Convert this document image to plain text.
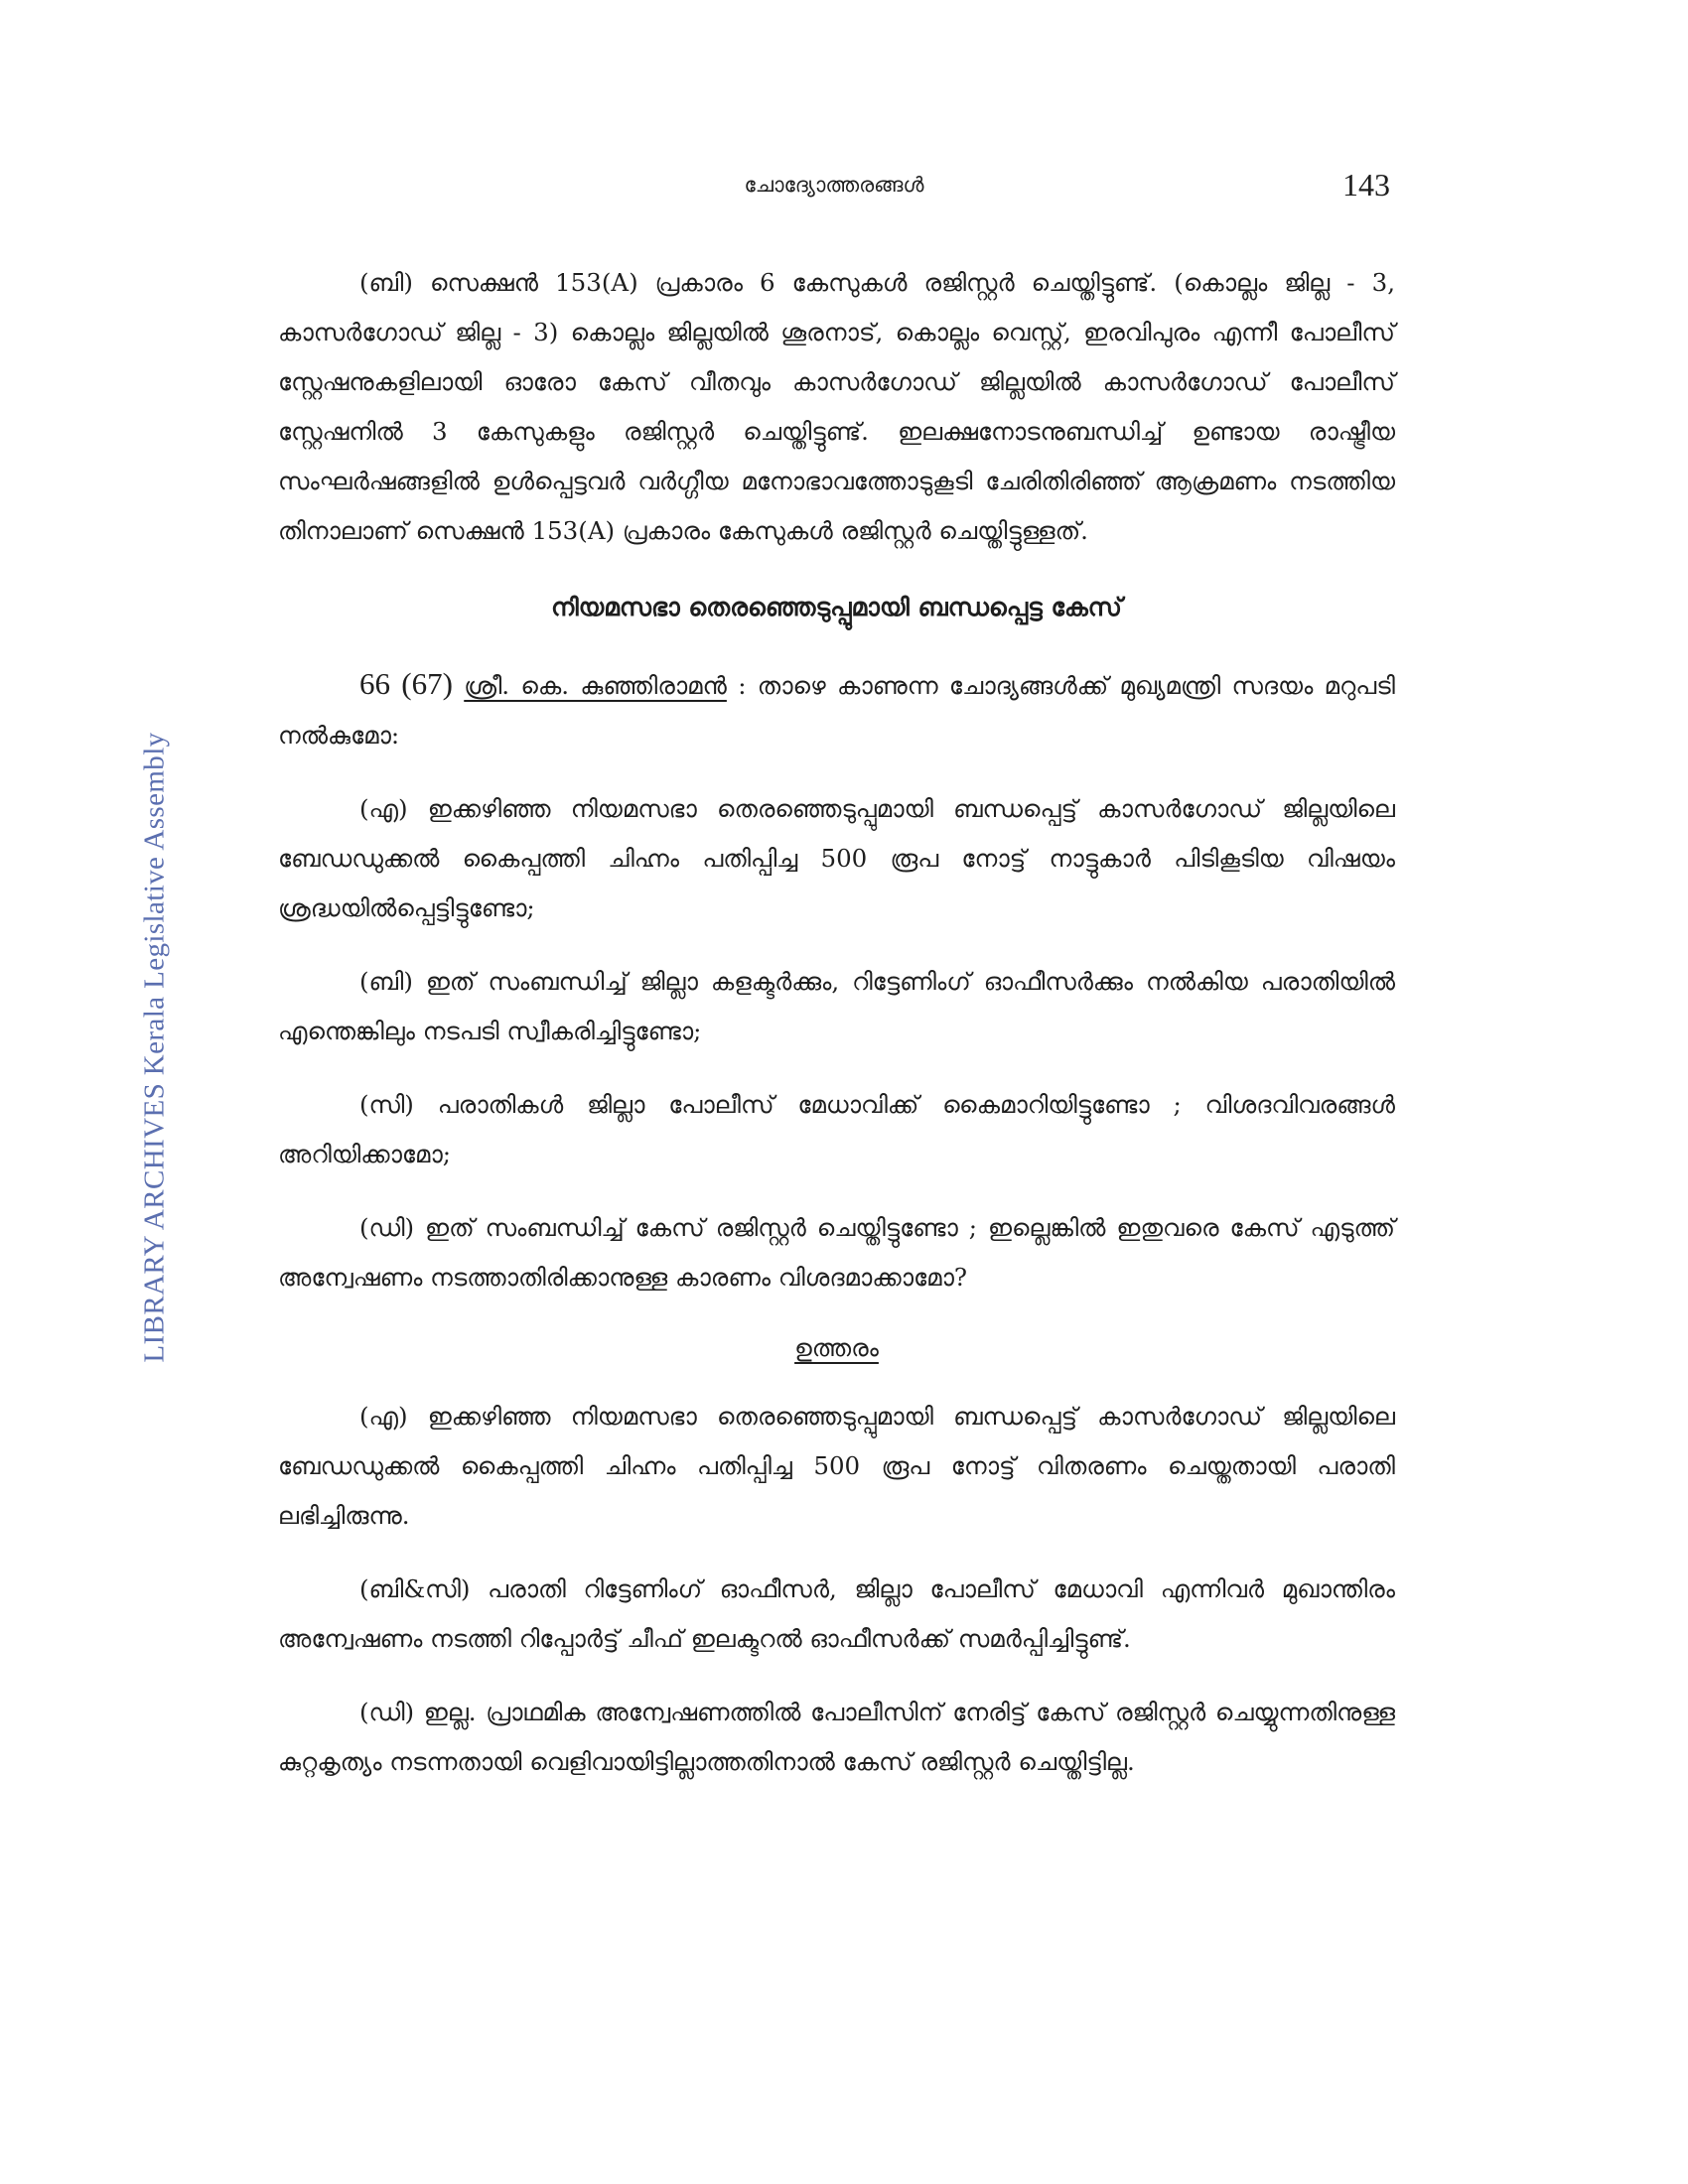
ചോദ്യോത്തരങ്ങൾ	143
LIBRARY ARCHIVES Kerala Legislative Assembly

(ബി) സെക്ഷൻ 153(A) പ്രകാരം 6 കേസുകൾ രജിസ്റ്റർ ചെയ്തിട്ടുണ്ട്. (കൊല്ലം ജില്ല - 3, കാസർഗോഡ് ജില്ല - 3) കൊല്ലം ജില്ലയിൽ ശൂരനാട്, കൊല്ലം വെസ്റ്റ്, ഇരവിപുരം എന്നീ പോലീസ് സ്റ്റേഷനുകളിലായി ഓരോ കേസ് വീതവും കാസർഗോഡ് ജില്ലയിൽ കാസർഗോഡ് പോലീസ് സ്റ്റേഷനിൽ 3 കേസുകളും രജിസ്റ്റർ ചെയ്തിട്ടുണ്ട്. ഇലക്ഷനോടനുബന്ധിച്ച് ഉണ്ടായ രാഷ്ട്രീയ സംഘർഷങ്ങളിൽ ഉൾപ്പെട്ടവർ വർഗ്ഗീയ മനോഭാവത്തോടുകൂടി ചേരിതിരിഞ്ഞ് ആക്രമണം നടത്തിയ തിനാലാണ് സെക്ഷൻ 153(A) പ്രകാരം കേസുകൾ രജിസ്റ്റർ ചെയ്തിട്ടുള്ളത്.

നിയമസഭാ തെരഞ്ഞെടുപ്പുമായി ബന്ധപ്പെട്ട കേസ്

66 (67) ശ്രീ. കെ. കുഞ്ഞിരാമൻ : താഴെ കാണുന്ന ചോദ്യങ്ങൾക്ക് മുഖ്യമന്ത്രി സദയം മറുപടി നൽകുമോ:

(എ) ഇക്കഴിഞ്ഞ നിയമസഭാ തെരഞ്ഞെടുപ്പുമായി ബന്ധപ്പെട്ട് കാസർഗോഡ് ജില്ലയിലെ ബേഡഡുക്കൽ കൈപ്പത്തി ചിഹ്നം പതിപ്പിച്ച 500 രൂപ നോട്ട് നാട്ടുകാർ പിടികൂടിയ വിഷയം ശ്രദ്ധയിൽപ്പെട്ടിട്ടുണ്ടോ;

(ബി) ഇത് സംബന്ധിച്ച് ജില്ലാ കളക്ടർക്കും, റിട്ടേണിംഗ് ഓഫീസർക്കും നൽകിയ പരാതിയിൽ എന്തെങ്കിലും നടപടി സ്വീകരിച്ചിട്ടുണ്ടോ;

(സി) പരാതികൾ ജില്ലാ പോലീസ് മേധാവിക്ക് കൈമാറിയിട്ടുണ്ടോ ; വിശദവിവരങ്ങൾ അറിയിക്കാമോ;

(ഡി) ഇത് സംബന്ധിച്ച് കേസ് രജിസ്റ്റർ ചെയ്തിട്ടുണ്ടോ ; ഇല്ലെങ്കിൽ ഇതുവരെ കേസ് എടുത്ത് അന്വേഷണം നടത്താതിരിക്കാനുള്ള കാരണം വിശദമാക്കാമോ?

ഉത്തരം

(എ) ഇക്കഴിഞ്ഞ നിയമസഭാ തെരഞ്ഞെടുപ്പുമായി ബന്ധപ്പെട്ട് കാസർഗോഡ് ജില്ലയിലെ ബേഡഡുക്കൽ കൈപ്പത്തി ചിഹ്നം പതിപ്പിച്ച 500 രൂപ നോട്ട് വിതരണം ചെയ്തതായി പരാതി ലഭിച്ചിരുന്നു.

(ബി&സി) പരാതി റിട്ടേണിംഗ് ഓഫീസർ, ജില്ലാ പോലീസ് മേധാവി എന്നിവർ മുഖാന്തിരം അന്വേഷണം നടത്തി റിപ്പോർട്ട് ചീഫ് ഇലക്ടറൽ ഓഫീസർക്ക് സമർപ്പിച്ചിട്ടുണ്ട്.

(ഡി) ഇല്ല. പ്രാഥമിക അന്വേഷണത്തിൽ പോലീസിന് നേരിട്ട് കേസ് രജിസ്റ്റർ ചെയ്യുന്നതിനുള്ള കുറ്റകൃത്യം നടന്നതായി വെളിവായിട്ടില്ലാത്തതിനാൽ കേസ് രജിസ്റ്റർ ചെയ്തിട്ടില്ല.
